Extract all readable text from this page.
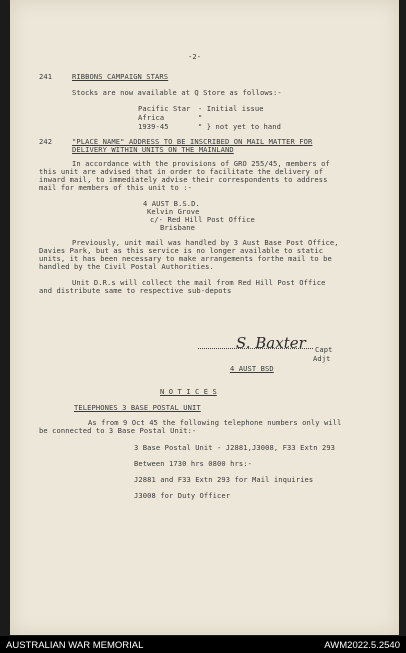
-2-
241	RIBBONS CAMPAIGN STARS
Stocks are now available at Q Store as follows:-
Pacific Star - Initial issue
Africa	"
1939-45	" } not yet to hand
242	"PLACE NAME" ADDRESS TO BE INSCRIBED ON MAIL MATTER FOR
DELIVERY WITHIN UNITS ON THE MAINLAND
In accordance with the provisions of GRO 255/45, members of
this unit are advised that in order to facilitate the delivery of
inward mail, to immediately advise their correspondents to address
mail for members of this unit to :-
4 AUST B.S.D.
Kelvin Grove
c/- Red Hill Post Office
Brisbane
Previously, unit mail was handled by 3 Aust Base Post Office,
Davies Park, but as this service is no longer available to static
units, it has been necessary to make arrangements forthe mail to be
handled by the Civil Postal Authorities.
Unit D.R.s will collect the mail from Red Hill Post Office
and distribute same to respective sub-depots
S. Baxter Capt
Adjt
4 AUST BSD
N O T I C E S
TELEPHONES 3 BASE POSTAL UNIT
As from 9 Oct 45 the following telephone numbers only will
be connected to 3 Base Postal Unit:-
3 Base Postal Unit - J2881,J3008, F33 Extn 293
Between 1730 hrs 0800 hrs:-
J2881 and F33 Extn 293 for Mail inquiries
J3008 for Duty Officer
AUSTRALIAN WAR MEMORIAL	AWM2022.5.2540
